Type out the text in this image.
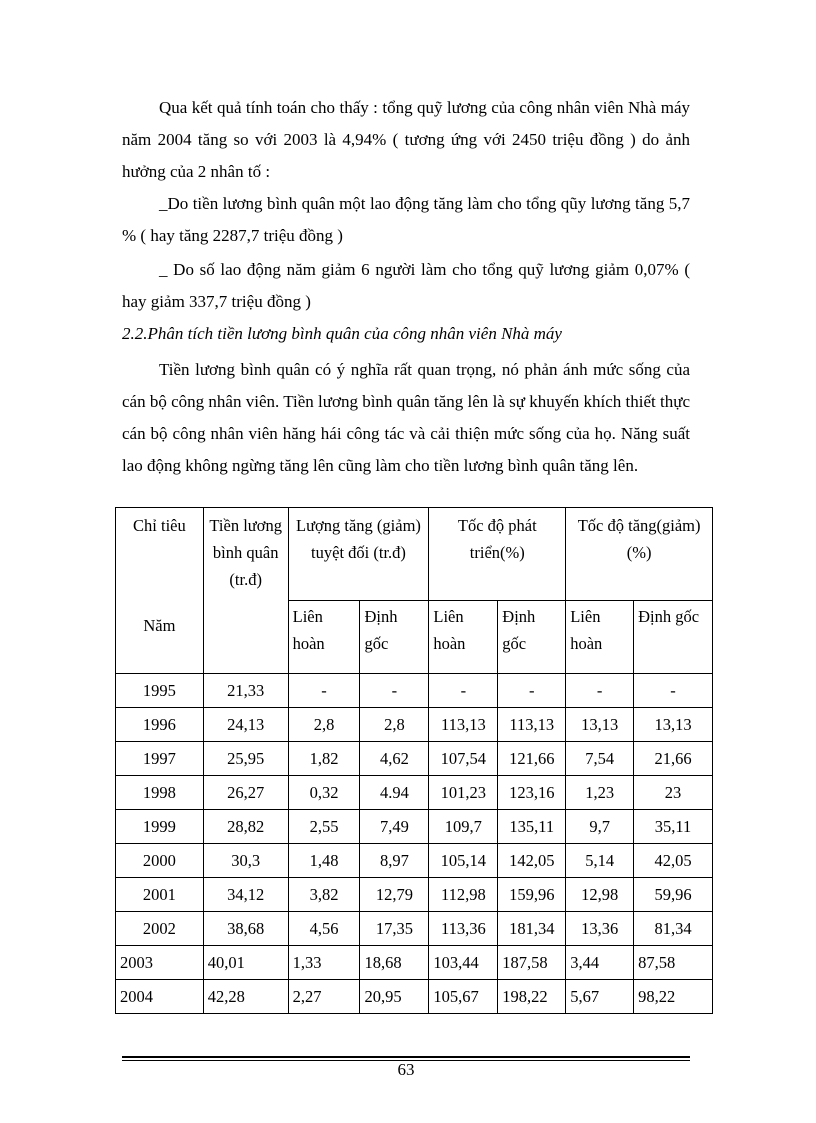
Qua kết quả tính toán cho thấy : tổng quỹ lương của công nhân viên Nhà máy năm 2004 tăng so với 2003 là 4,94% ( tương ứng với 2450 triệu đồng ) do ảnh hưởng của 2 nhân tố :

_Do tiền lương bình quân một lao động tăng làm cho tổng qũy lương tăng 5,7 % ( hay tăng 2287,7 triệu đồng )

_ Do số lao động năm giảm 6 người làm cho tổng quỹ lương giảm 0,07% ( hay giảm 337,7 triệu đồng )

2.2.Phân tích tiền lương bình quân của công nhân viên Nhà máy

Tiền lương bình quân có ý nghĩa rất quan trọng, nó phản ánh mức sống của cán bộ công nhân viên. Tiền lương bình quân tăng lên là sự khuyến khích thiết thực cán bộ công nhân viên hăng hái công tác và cải thiện mức sống của họ. Năng suất lao động không ngừng tăng lên cũng làm cho tiền lương bình quân tăng lên.

Chỉ tiêu
Năm	Tiền lương bình quân (tr.đ)	Lượng tăng (giảm) tuyệt đối (tr.đ)		Tốc độ phát triển(%)		Tốc độ tăng(giảm) (%)	
		Liên hoàn	Định gốc	Liên hoàn	Định gốc	Liên hoàn	Định gốc
1995	21,33	-	-	-	-	-	-
1996	24,13	2,8	2,8	113,13	113,13	13,13	13,13
1997	25,95	1,82	4,62	107,54	121,66	7,54	21,66
1998	26,27	0,32	4.94	101,23	123,16	1,23	23
1999	28,82	2,55	7,49	109,7	135,11	9,7	35,11
2000	30,3	1,48	8,97	105,14	142,05	5,14	42,05
2001	34,12	3,82	12,79	112,98	159,96	12,98	59,96
2002	38,68	4,56	17,35	113,36	181,34	13,36	81,34
2003	40,01	1,33	18,68	103,44	187,58	3,44	87,58
2004	42,28	2,27	20,95	105,67	198,22	5,67	98,22
63
